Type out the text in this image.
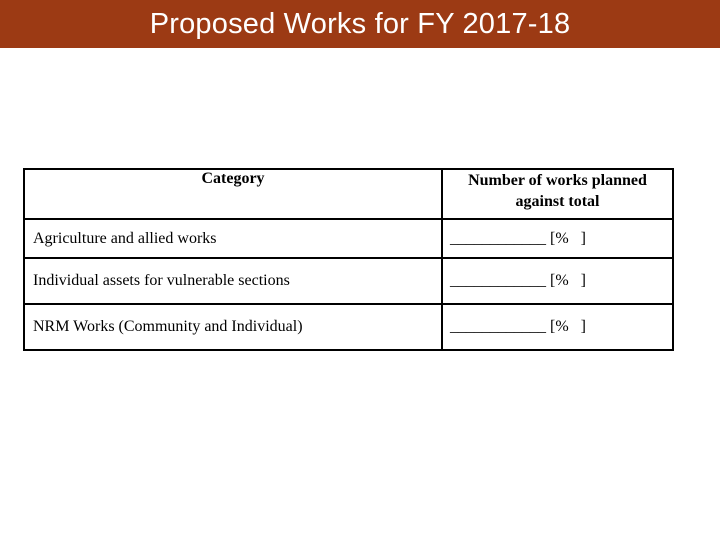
Proposed Works for FY 2017-18
Category	Number of works planned against total
Agriculture and allied works	____________ [%   ]
Individual assets for vulnerable sections	____________ [%   ]
NRM Works (Community and Individual)	____________ [%   ]
